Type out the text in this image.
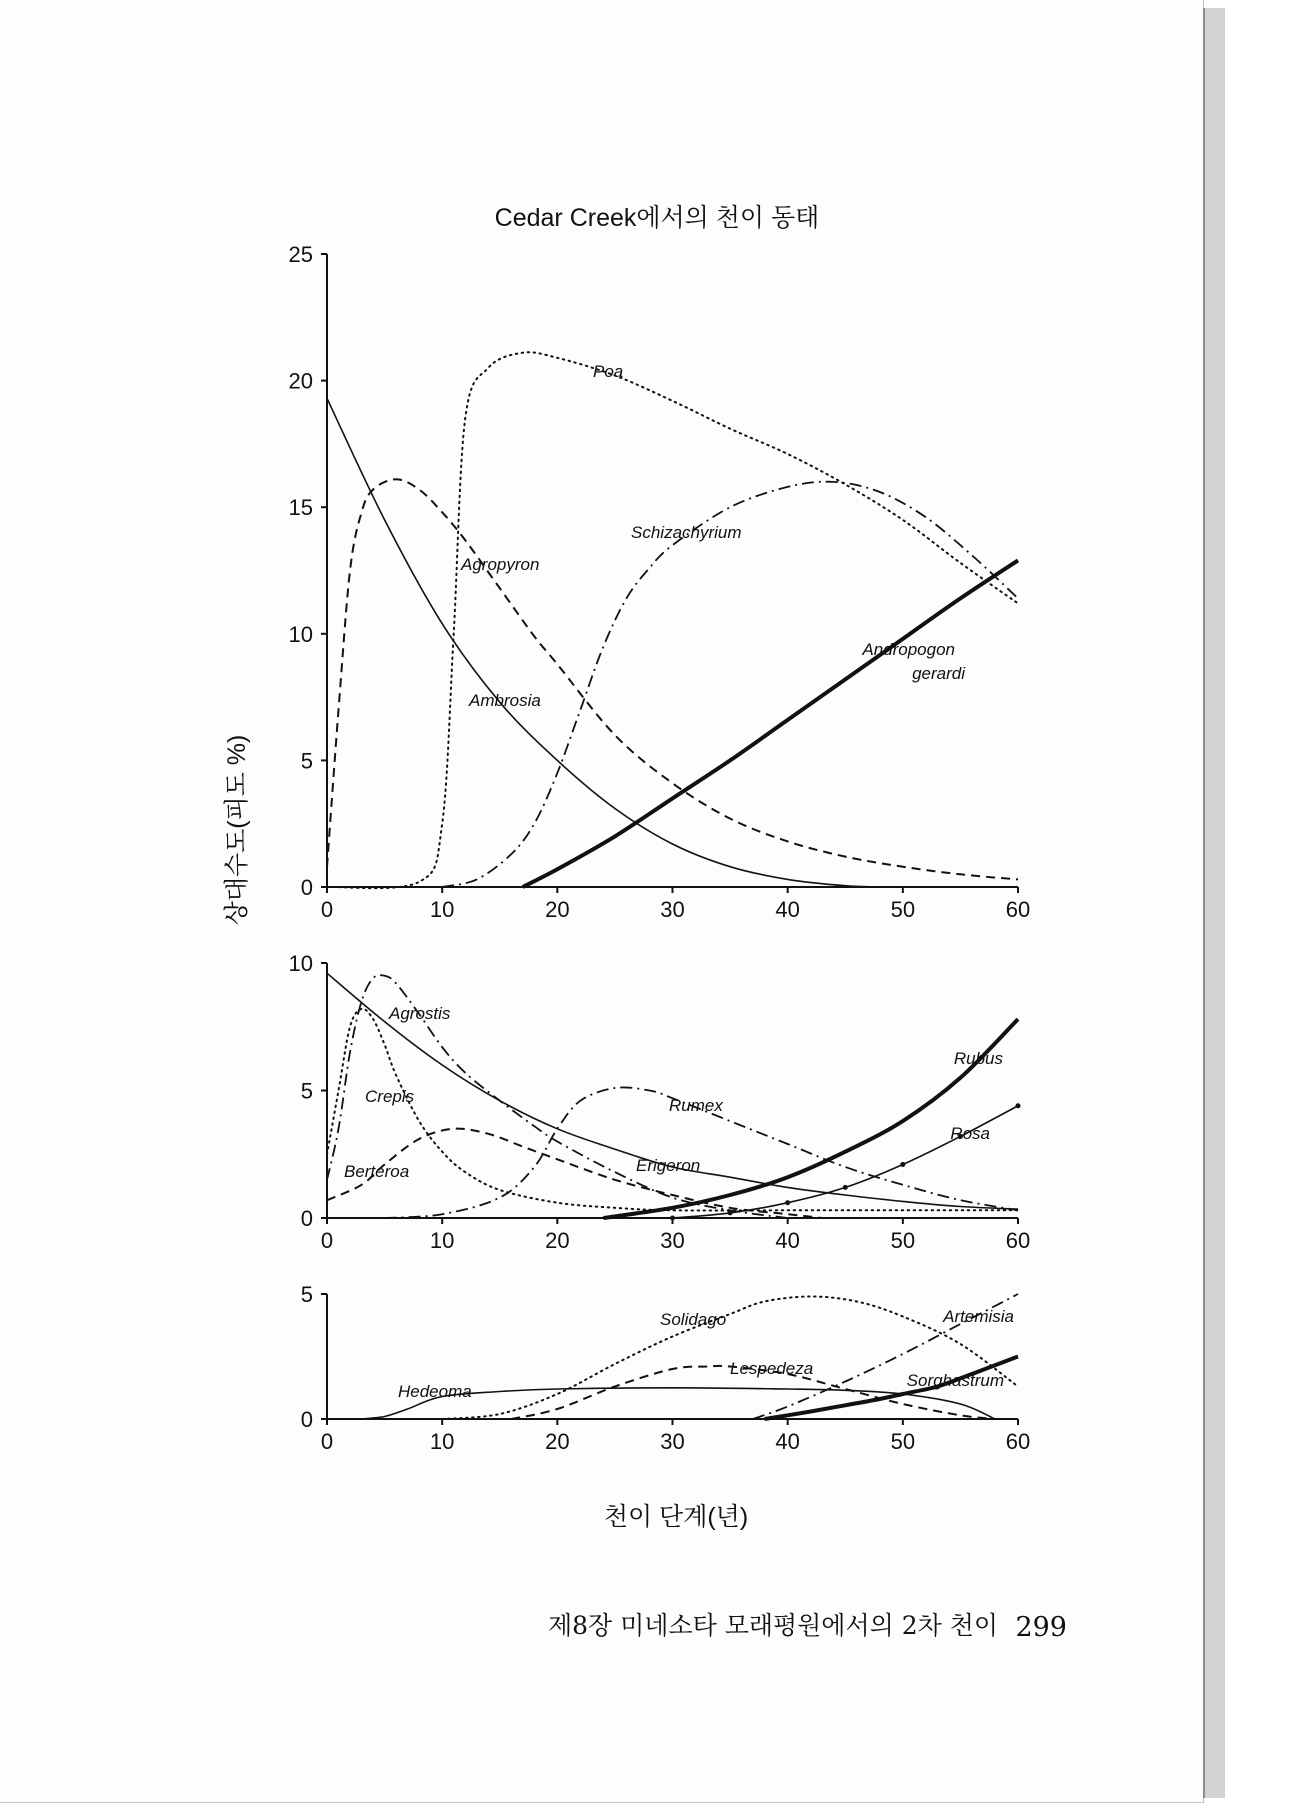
Cedar Creek에서의 천이 동태
상대수도(피도 %)
천이 단계(년)
제8장 미네소타 모래평원에서의 2차 천이 299
0	10	20	30	40	50	60
0
5
10
15
20
25
Poa
Agropyron
Ambrosia
Schizachyrium
Andropogon gerardi
0	10	20	30	40	50	60
0
5
10
Agrostis
Crepis
Berteroa	Erigeron
Rumex
Rubus
Rosa
0	10	20	30	40	50	60
0
5
Solidago
Lespedeza
Hedeoma
Artemisia
Sorghastrum
